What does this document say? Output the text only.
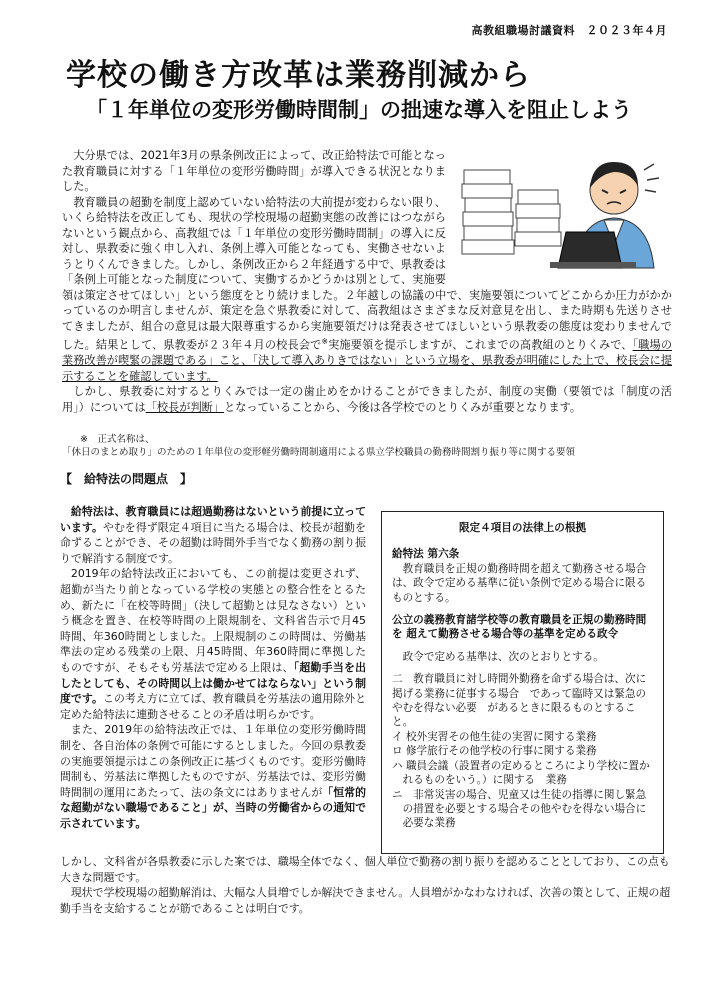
高教組職場討議資料　２０２３年４月
学校の働き方改革は業務削減から
「１年単位の変形労働時間制」の拙速な導入を阻止しよう

大分県では、2021年3月の県条例改正によって、改正給特法で可能となった教育職員に対する「１年単位の変形労働時間」が導入できる状況となりました。

教育職員の超勤を制度上認めていない給特法の大前提が変わらない限り、いくら給特法を改正しても、現状の学校現場の超勤実態の改善にはつながらないという観点から、高教組では「１年単位の変形労働時間制」の導入に反対し、県教委に強く申し入れ、条例上導入可能となっても、実働させないようとりくんできました。しかし、条例改正から２年経過する中で、県教委は「条例上可能となった制度について、実働するかどうかは別として、実施要領は策定させてほしい」という態度をとり続けました。２年越しの協議の中で、実施要領についてどこからか圧力がかかっているのか明言しませんが、策定を急ぐ県教委に対して、高教組はさまざまな反対意見を出し、また時期も先送りさせてきましたが、組合の意見は最大限尊重するから実施要領だけは発表させてほしいという県教委の態度は変わりませんでした。結果として、県教委が２３年４月の校長会で※実施要領を提示しますが、これまでの高教組のとりくみで、「職場の業務改善が喫緊の課題である」こと、「決して導入ありきではない」という立場を、県教委が明確にした上で、校長会に提示することを確認しています。

しかし、県教委に対するとりくみでは一定の歯止めをかけることができましたが、制度の実働（要領では「制度の活用」）については「校長が判断」となっていることから、今後は各学校でのとりくみが重要となります。

※　正式名称は、
「休日のまとめ取り」のための１年単位の変形軽労働時間制適用による県立学校職員の勤務時間割り振り等に関する要領
【　給特法の問題点　】

給特法は、教育職員には超過勤務はないという前提に立っています。やむを得ず限定４項目に当たる場合は、校長が超勤を命ずることができ、その超勤は時間外手当でなく勤務の割り振りで解消する制度です。

2019年の給特法改正においても、この前提は変更されず、超勤が当たり前となっている学校の実態との整合性をとるため、新たに「在校等時間」（決して超勤とは見なさない）という概念を置き、在校等時間の上限規制を、文科省告示で月45時間、年360時間としました。上限規制のこの時間は、労働基準法の定める残業の上限、月45時間、年360時間に準拠したものですが、そもそも労基法で定める上限は、「超勤手当を出したとしても、その時間以上は働かせてはならない」という制度です。この考え方に立てば、教育職員を労基法の適用除外と定めた給特法に連動させることの矛盾は明らかです。

また、2019年の給特法改正では、１年単位の変形労働時間制を、各自治体の条例で可能にするとしました。今回の県教委の実施要領提示はこの条例改正に基づくものです。変形労働時間制も、労基法に準拠したものですが、労基法では、変形労働時間制の運用にあたって、法の条文にはありませんが「恒常的な超勤がない職場であること」が、当時の労働省からの通知で示されています。

しかし、文科省が各県教委に示した案では、職場全体でなく、個人単位で勤務の割り振りを認めることとしており、この点も大きな問題です。

　現状で学校現場の超勤解消は、大幅な人員増でしか解決できません。人員増がかなわなければ、次善の策として、正規の超勤手当を支給することが筋であることは明白です。

限定４項目の法律上の根拠

給特法 第六条

教育職員を正規の勤務時間を超えて勤務させる場合は、政令で定める基準に従い条例で定める場合に限るものとする。

公立の義務教育諸学校等の教育職員を正規の勤務時間を 超えて勤務させる場合等の基準を定める政令

政令で定める基準は、次のとおりとする。

二　教育職員に対し時間外勤務を命ずる場合は、次に掲げる業務に従事する場合　であって臨時又は緊急のやむを得ない必要　があるときに限るものとすること。

イ 校外実習その他生徒の実習に関する業務

ロ 修学旅行その他学校の行事に関する業務

ハ 職員会議（設置者の定めるところにより学校に置かれるものをいう。）に関する　業務

ニ　非常災害の場合、児童又は生徒の指導に関し緊急の措置を必要とする場合その他やむを得ない場合に必要な業務
